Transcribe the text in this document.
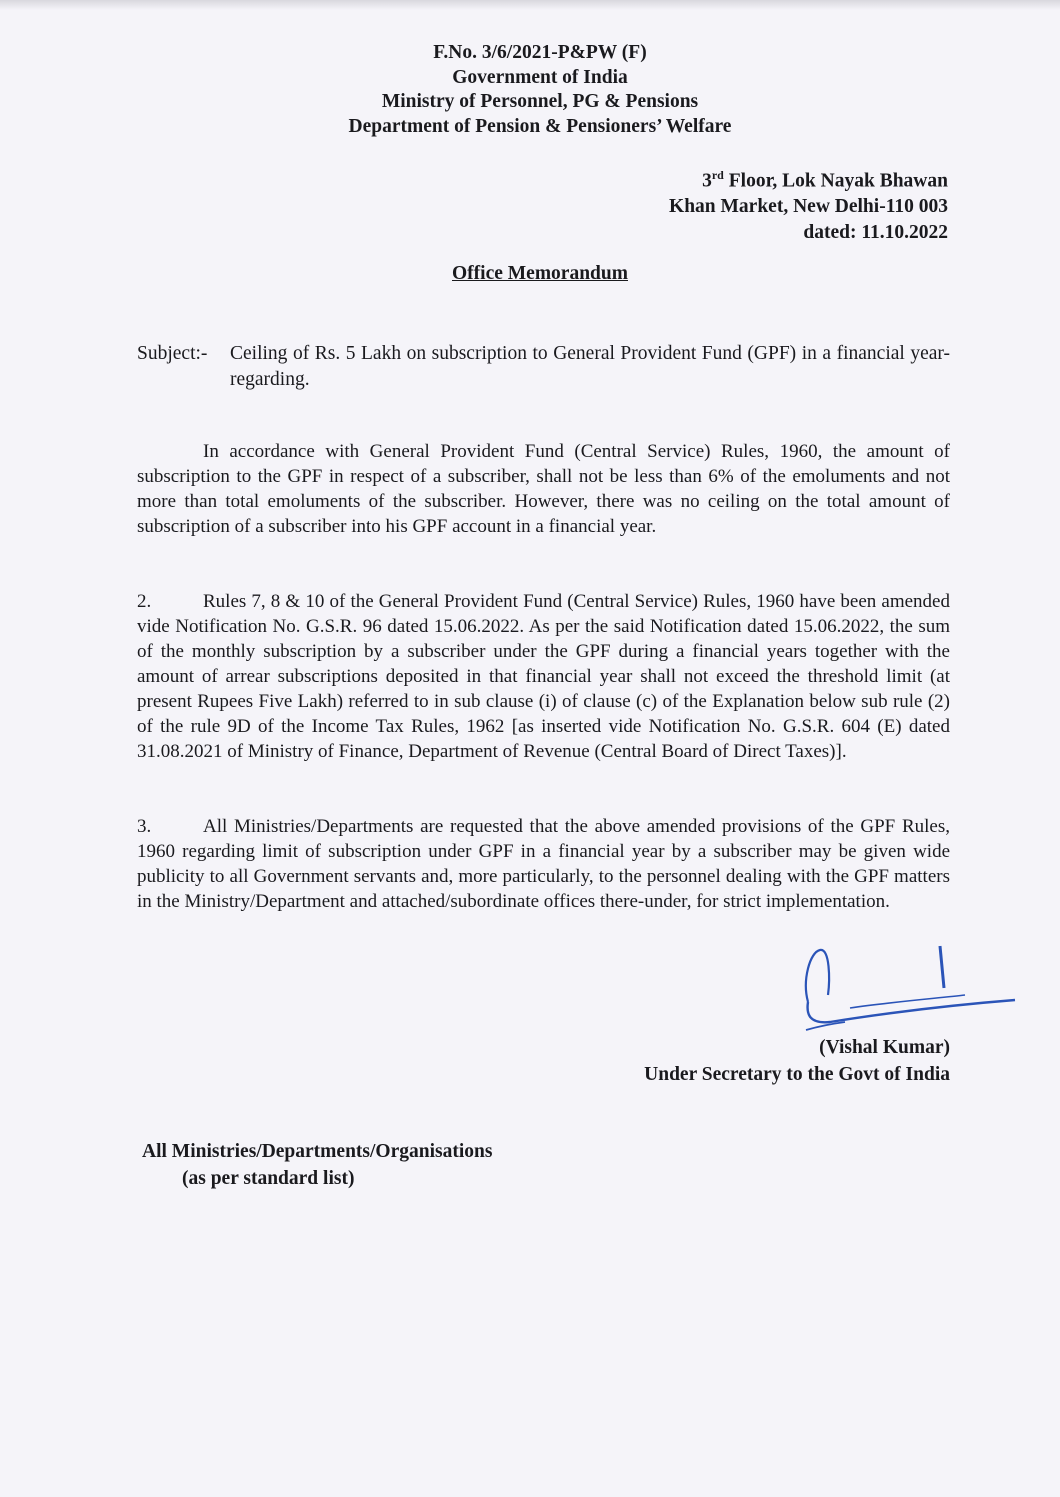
F.No. 3/6/2021-P&PW (F)
Government of India
Ministry of Personnel, PG & Pensions
Department of Pension & Pensioners’ Welfare
3rd Floor, Lok Nayak Bhawan
Khan Market, New Delhi-110 003
dated: 11.10.2022
Office Memorandum
Subject:- Ceiling of Rs. 5 Lakh on subscription to General Provident Fund (GPF) in a financial year- regarding.
In accordance with General Provident Fund (Central Service) Rules, 1960, the amount of subscription to the GPF in respect of a subscriber, shall not be less than 6% of the emoluments and not more than total emoluments of the subscriber. However, there was no ceiling on the total amount of subscription of a subscriber into his GPF account in a financial year.
2.	Rules 7, 8 & 10 of the General Provident Fund (Central Service) Rules, 1960 have been amended vide Notification No. G.S.R. 96 dated 15.06.2022. As per the said Notification dated 15.06.2022, the sum of the monthly subscription by a subscriber under the GPF during a financial years together with the amount of arrear subscriptions deposited in that financial year shall not exceed the threshold limit (at present Rupees Five Lakh) referred to in sub clause (i) of clause (c) of the Explanation below sub rule (2) of the rule 9D of the Income Tax Rules, 1962 [as inserted vide Notification No. G.S.R. 604 (E) dated 31.08.2021 of Ministry of Finance, Department of Revenue (Central Board of Direct Taxes)].
3.	All Ministries/Departments are requested that the above amended provisions of the GPF Rules, 1960 regarding limit of subscription under GPF in a financial year by a subscriber may be given wide publicity to all Government servants and, more particularly, to the personnel dealing with the GPF matters in the Ministry/Department and attached/subordinate offices there-under, for strict implementation.
(Vishal Kumar)
Under Secretary to the Govt of India
All Ministries/Departments/Organisations
(as per standard list)
